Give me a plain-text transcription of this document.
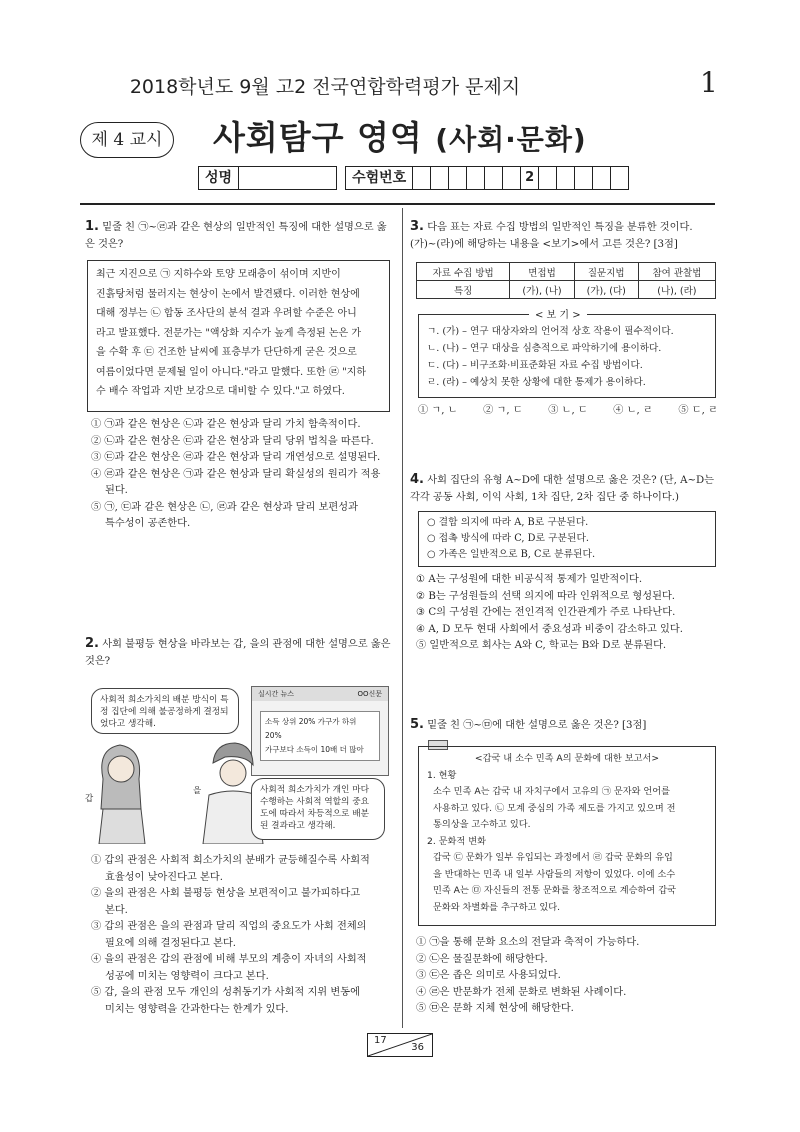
2018학년도 9월 고2 전국연합학력평가 문제지	1
제 4 교시	사회탐구 영역 (사회·문화)
성명	수험번호	2
1. 밑줄 친 ㉠~㉣과 같은 현상의 일반적인 특징에 대한 설명으로 옳은 것은?
최근 지진으로 ㉠ 지하수와 토양 모래층이 섞이며 지반이
진흙탕처럼 물러지는 현상이 논에서 발견됐다. 이러한 현상에
대해 정부는 ㉡ 합동 조사단의 분석 결과 우려할 수준은 아니
라고 발표했다. 전문가는 "액상화 지수가 높게 측정된 논은 가
을 수확 후 ㉢ 건조한 날씨에 표층부가 단단하게 굳은 것으로
여름이었다면 문제될 일이 아니다."라고 말했다. 또한 ㉣ "지하
수 배수 작업과 지반 보강으로 대비할 수 있다."고 하였다.
① ㉠과 같은 현상은 ㉡과 같은 현상과 달리 가치 함축적이다.
② ㉡과 같은 현상은 ㉢과 같은 현상과 달리 당위 법칙을 따른다.
③ ㉢과 같은 현상은 ㉣과 같은 현상과 달리 개연성으로 설명된다.
④ ㉣과 같은 현상은 ㉠과 같은 현상과 달리 확실성의 원리가 적용
된다.
⑤ ㉠, ㉢과 같은 현상은 ㉡, ㉣과 같은 현상과 달리 보편성과
특수성이 공존한다.
2. 사회 불평등 현상을 바라보는 갑, 을의 관점에 대한 설명으로 옳은 것은?
사회적 희소가치의 배분 방식이 특정 집단에 의해 불공정하게 결정되었다고 생각해.
실시간 뉴스	OO신문
소득 상위 20% 가구가 하위 20%
가구보다 소득이 10배 더 많아
갑
을	사회적 희소가치가 개인 마다 수행하는 사회적 역할의 중요도에 따라서 차등적으로 배분된 결과라고 생각해.
① 갑의 관점은 사회적 희소가치의 분배가 균등해질수록 사회적
효율성이 낮아진다고 본다.
② 을의 관점은 사회 불평등 현상을 보편적이고 불가피하다고
본다.
③ 갑의 관점은 을의 관점과 달리 직업의 중요도가 사회 전체의
필요에 의해 결정된다고 본다.
④ 을의 관점은 갑의 관점에 비해 부모의 계층이 자녀의 사회적
성공에 미치는 영향력이 크다고 본다.
⑤ 갑, 을의 관점 모두 개인의 성취동기가 사회적 지위 변동에
미치는 영향력을 간과한다는 한계가 있다.
3. 다음 표는 자료 수집 방법의 일반적인 특징을 분류한 것이다. (가)~(라)에 해당하는 내용을 <보기>에서 고른 것은? [3점]
자료 수집 방법	면접법	질문지법	참여 관찰법
특징	(가), (나)	(가), (다)	(나), (라)
< 보 기 >
ㄱ. (가) – 연구 대상자와의 언어적 상호 작용이 필수적이다.
ㄴ. (나) – 연구 대상을 심층적으로 파악하기에 용이하다.
ㄷ. (다) – 비구조화·비표준화된 자료 수집 방법이다.
ㄹ. (라) – 예상치 못한 상황에 대한 통제가 용이하다.
① ㄱ, ㄴ	② ㄱ, ㄷ	③ ㄴ, ㄷ	④ ㄴ, ㄹ	⑤ ㄷ, ㄹ
4. 사회 집단의 유형 A~D에 대한 설명으로 옳은 것은? (단, A~D는 각각 공동 사회, 이익 사회, 1차 집단, 2차 집단 중 하나이다.)
○ 결합 의지에 따라 A, B로 구분된다.
○ 접촉 방식에 따라 C, D로 구분된다.
○ 가족은 일반적으로 B, C로 분류된다.
① A는 구성원에 대한 비공식적 통제가 일반적이다.
② B는 구성원들의 선택 의지에 따라 인위적으로 형성된다.
③ C의 구성원 간에는 전인격적 인간관계가 주로 나타난다.
④ A, D 모두 현대 사회에서 중요성과 비중이 감소하고 있다.
⑤ 일반적으로 회사는 A와 C, 학교는 B와 D로 분류된다.
5. 밑줄 친 ㉠~㉤에 대한 설명으로 옳은 것은? [3점]
<갑국 내 소수 민족 A의 문화에 대한 보고서>
1. 현황
소수 민족 A는 갑국 내 자치구에서 고유의 ㉠ 문자와 언어를
사용하고 있다. ㉡ 모계 중심의 가족 제도를 가지고 있으며 전
통의상을 고수하고 있다.
2. 문화적 변화
갑국 ㉢ 문화가 일부 유입되는 과정에서 ㉣ 갑국 문화의 유입
을 반대하는 민족 내 일부 사람들의 저항이 있었다. 이에 소수
민족 A는 ㉤ 자신들의 전통 문화를 창조적으로 계승하여 갑국
문화와 차별화를 추구하고 있다.
① ㉠을 통해 문화 요소의 전달과 축적이 가능하다.
② ㉡은 물질문화에 해당한다.
③ ㉢은 좁은 의미로 사용되었다.
④ ㉣은 반문화가 전체 문화로 변화된 사례이다.
⑤ ㉤은 문화 지체 현상에 해당한다.
17
36
